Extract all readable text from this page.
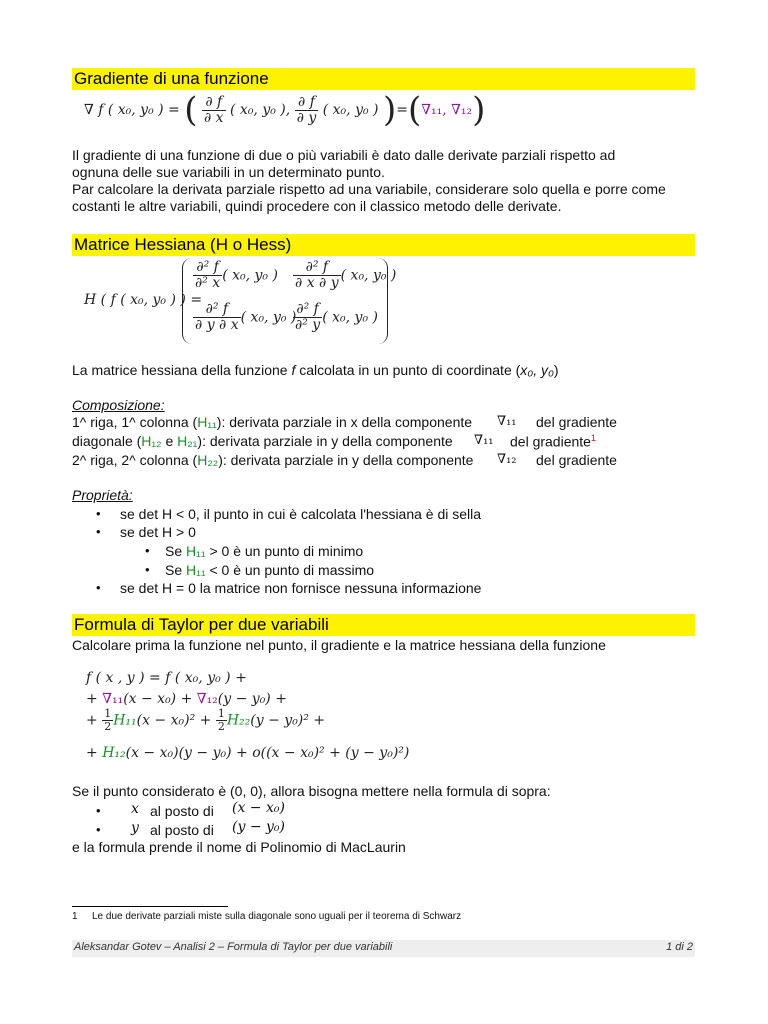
Gradiente di una funzione
∇ f ( x₀, y₀ ) = ( $\frac{\partial f}{\partial x}$ ( x₀, y₀ ), $\frac{\partial f}{\partial y}$ ( x₀, y₀ ) )=(∇₁₁, ∇₁₂)
Il gradiente di una funzione di due o più variabili è dato dalle derivate parziali rispetto ad
ognuna delle sue variabili in un determinato punto.
Par calcolare la derivata parziale rispetto ad una variabile, considerare solo quella e porre come
costanti le altre variabili, quindi procedere con il classico metodo delle derivate.
Matrice Hessiana (H o Hess)
H ( f ( x₀, y₀ ) ) =
$\frac{\text{∂² f}}{\text{∂² x}}$ ( x₀, y₀ ) $\frac{\text{∂² f}}{\partial x \partial y}$ ( x₀, y₀ )
$\frac{\text{∂² f}}{\partial y \partial x}$ ( x₀, y₀ )
$\frac{\text{∂² f}}{\text{∂² y}}$ ( x₀, y₀ )
La matrice hessiana della funzione f calcolata in un punto di coordinate (x₀, y₀)
Composizione:
1^ riga, 1^ colonna (H₁₁): derivata parziale in x della componente ∇₁₁ del gradiente
diagonale (H₁₂ e H₂₁): derivata parziale in y della componente ∇₁₁ del gradiente$^1$
2^ riga, 2^ colonna (H₂₂): derivata parziale in y della componente ∇₁₂ del gradiente
Proprietà:
• se det H < 0, il punto in cui è calcolata l'hessiana è di sella
• se det H > 0
• Se H₁₁ > 0 è un punto di minimo
• Se H₁₁ < 0 è un punto di massimo
• se det H = 0 la matrice non fornisce nessuna informazione
Formula di Taylor per due variabili
Calcolare prima la funzione nel punto, il gradiente e la matrice hessiana della funzione
f ( x , y ) = f ( x₀, y₀ ) +
+ ∇₁₁(x − x₀) + ∇₁₂(y − y₀) +
+ $\frac{1}{2} H_{11}(x - x_0)^2 + \frac{1}{2} H_{22}(y - y_0)^2$ +
+ H₁₂(x − x₀)(y − y₀) + o((x − x₀)² + (y − y₀)²)
Se il punto considerato è (0, 0), allora bisogna mettere nella formula di sopra:
• x al posto di (x − x₀)
• y al posto di (y − y₀)
e la formula prende il nome di Polinomio di MacLaurin
1 Le due derivate parziali miste sulla diagonale sono uguali per il teorema di Schwarz
Aleksandar Gotev – Analisi 2 – Formula di Taylor per due variabili	1 di 2
